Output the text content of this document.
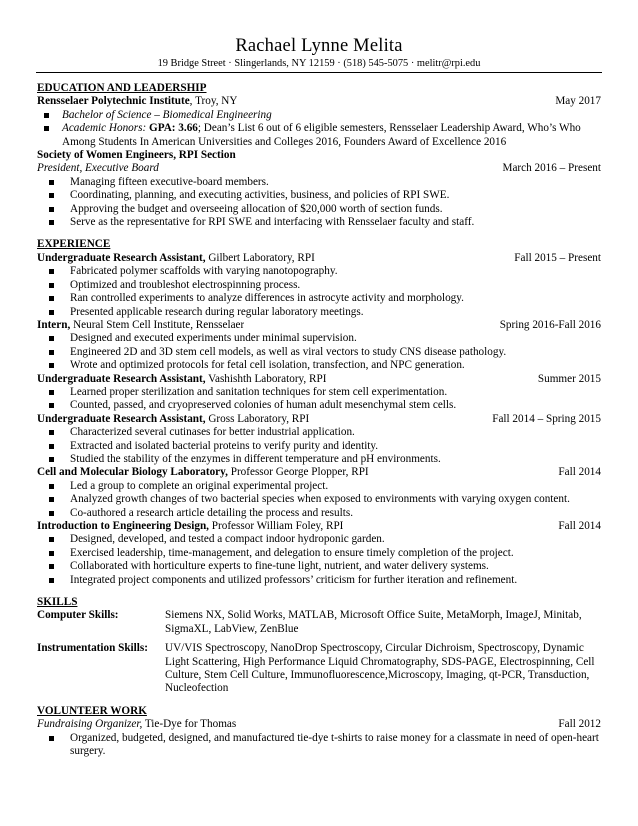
Rachael Lynne Melita
19 Bridge Street · Slingerlands, NY 12159 · (518) 545-5075 · melitr@rpi.edu
EDUCATION AND LEADERSHIP
Rensselaer Polytechnic Institute, Troy, NY	May 2017
Bachelor of Science – Biomedical Engineering
Academic Honors: GPA: 3.66; Dean’s List 6 out of 6 eligible semesters, Rensselaer Leadership Award, Who’s Who Among Students In American Universities and Colleges 2016, Founders Award of Excellence 2016
Society of Women Engineers, RPI Section
President, Executive Board	March 2016 – Present
Managing fifteen executive-board members.
Coordinating, planning, and executing activities, business, and policies of RPI SWE.
Approving the budget and overseeing allocation of $20,000 worth of section funds.
Serve as the representative for RPI SWE and interfacing with Rensselaer faculty and staff.
EXPERIENCE
Undergraduate Research Assistant, Gilbert Laboratory, RPI	Fall 2015 – Present
Fabricated polymer scaffolds with varying nanotopography.
Optimized and troubleshot electrospinning process.
Ran controlled experiments to analyze differences in astrocyte activity and morphology.
Presented applicable research during regular laboratory meetings.
Intern, Neural Stem Cell Institute, Rensselaer	Spring 2016-Fall 2016
Designed and executed experiments under minimal supervision.
Engineered 2D and 3D stem cell models, as well as viral vectors to study CNS disease pathology.
Wrote and optimized protocols for fetal cell isolation, transfection, and NPC generation.
Undergraduate Research Assistant, Vashishth Laboratory, RPI	Summer 2015
Learned proper sterilization and sanitation techniques for stem cell experimentation.
Counted, passed, and cryopreserved colonies of human adult mesenchymal stem cells.
Undergraduate Research Assistant, Gross Laboratory, RPI	Fall 2014 – Spring 2015
Characterized several cutinases for better industrial application.
Extracted and isolated bacterial proteins to verify purity and identity.
Studied the stability of the enzymes in different temperature and pH environments.
Cell and Molecular Biology Laboratory, Professor George Plopper, RPI	Fall 2014
Led a group to complete an original experimental project.
Analyzed growth changes of two bacterial species when exposed to environments with varying oxygen content.
Co-authored a research article detailing the process and results.
Introduction to Engineering Design, Professor William Foley, RPI	Fall 2014
Designed, developed, and tested a compact indoor hydroponic garden.
Exercised leadership, time-management, and delegation to ensure timely completion of the project.
Collaborated with horticulture experts to fine-tune light, nutrient, and water delivery systems.
Integrated project components and utilized professors’ criticism for further iteration and refinement.
SKILLS
Computer Skills:	Siemens NX, Solid Works, MATLAB, Microsoft Office Suite, MetaMorph, ImageJ, Minitab, SigmaXL, LabView, ZenBlue
Instrumentation Skills:	UV/VIS Spectroscopy, NanoDrop Spectroscopy, Circular Dichroism, Spectroscopy, Dynamic Light Scattering, High Performance Liquid Chromatography, SDS-PAGE, Electrospinning, Cell Culture, Stem Cell Culture, Immunofluorescence,Microscopy, Imaging, qt-PCR, Transduction, Nucleofection
VOLUNTEER WORK
Fundraising Organizer, Tie-Dye for Thomas	Fall 2012
Organized, budgeted, designed, and manufactured tie-dye t-shirts to raise money for a classmate in need of open-heart surgery.
